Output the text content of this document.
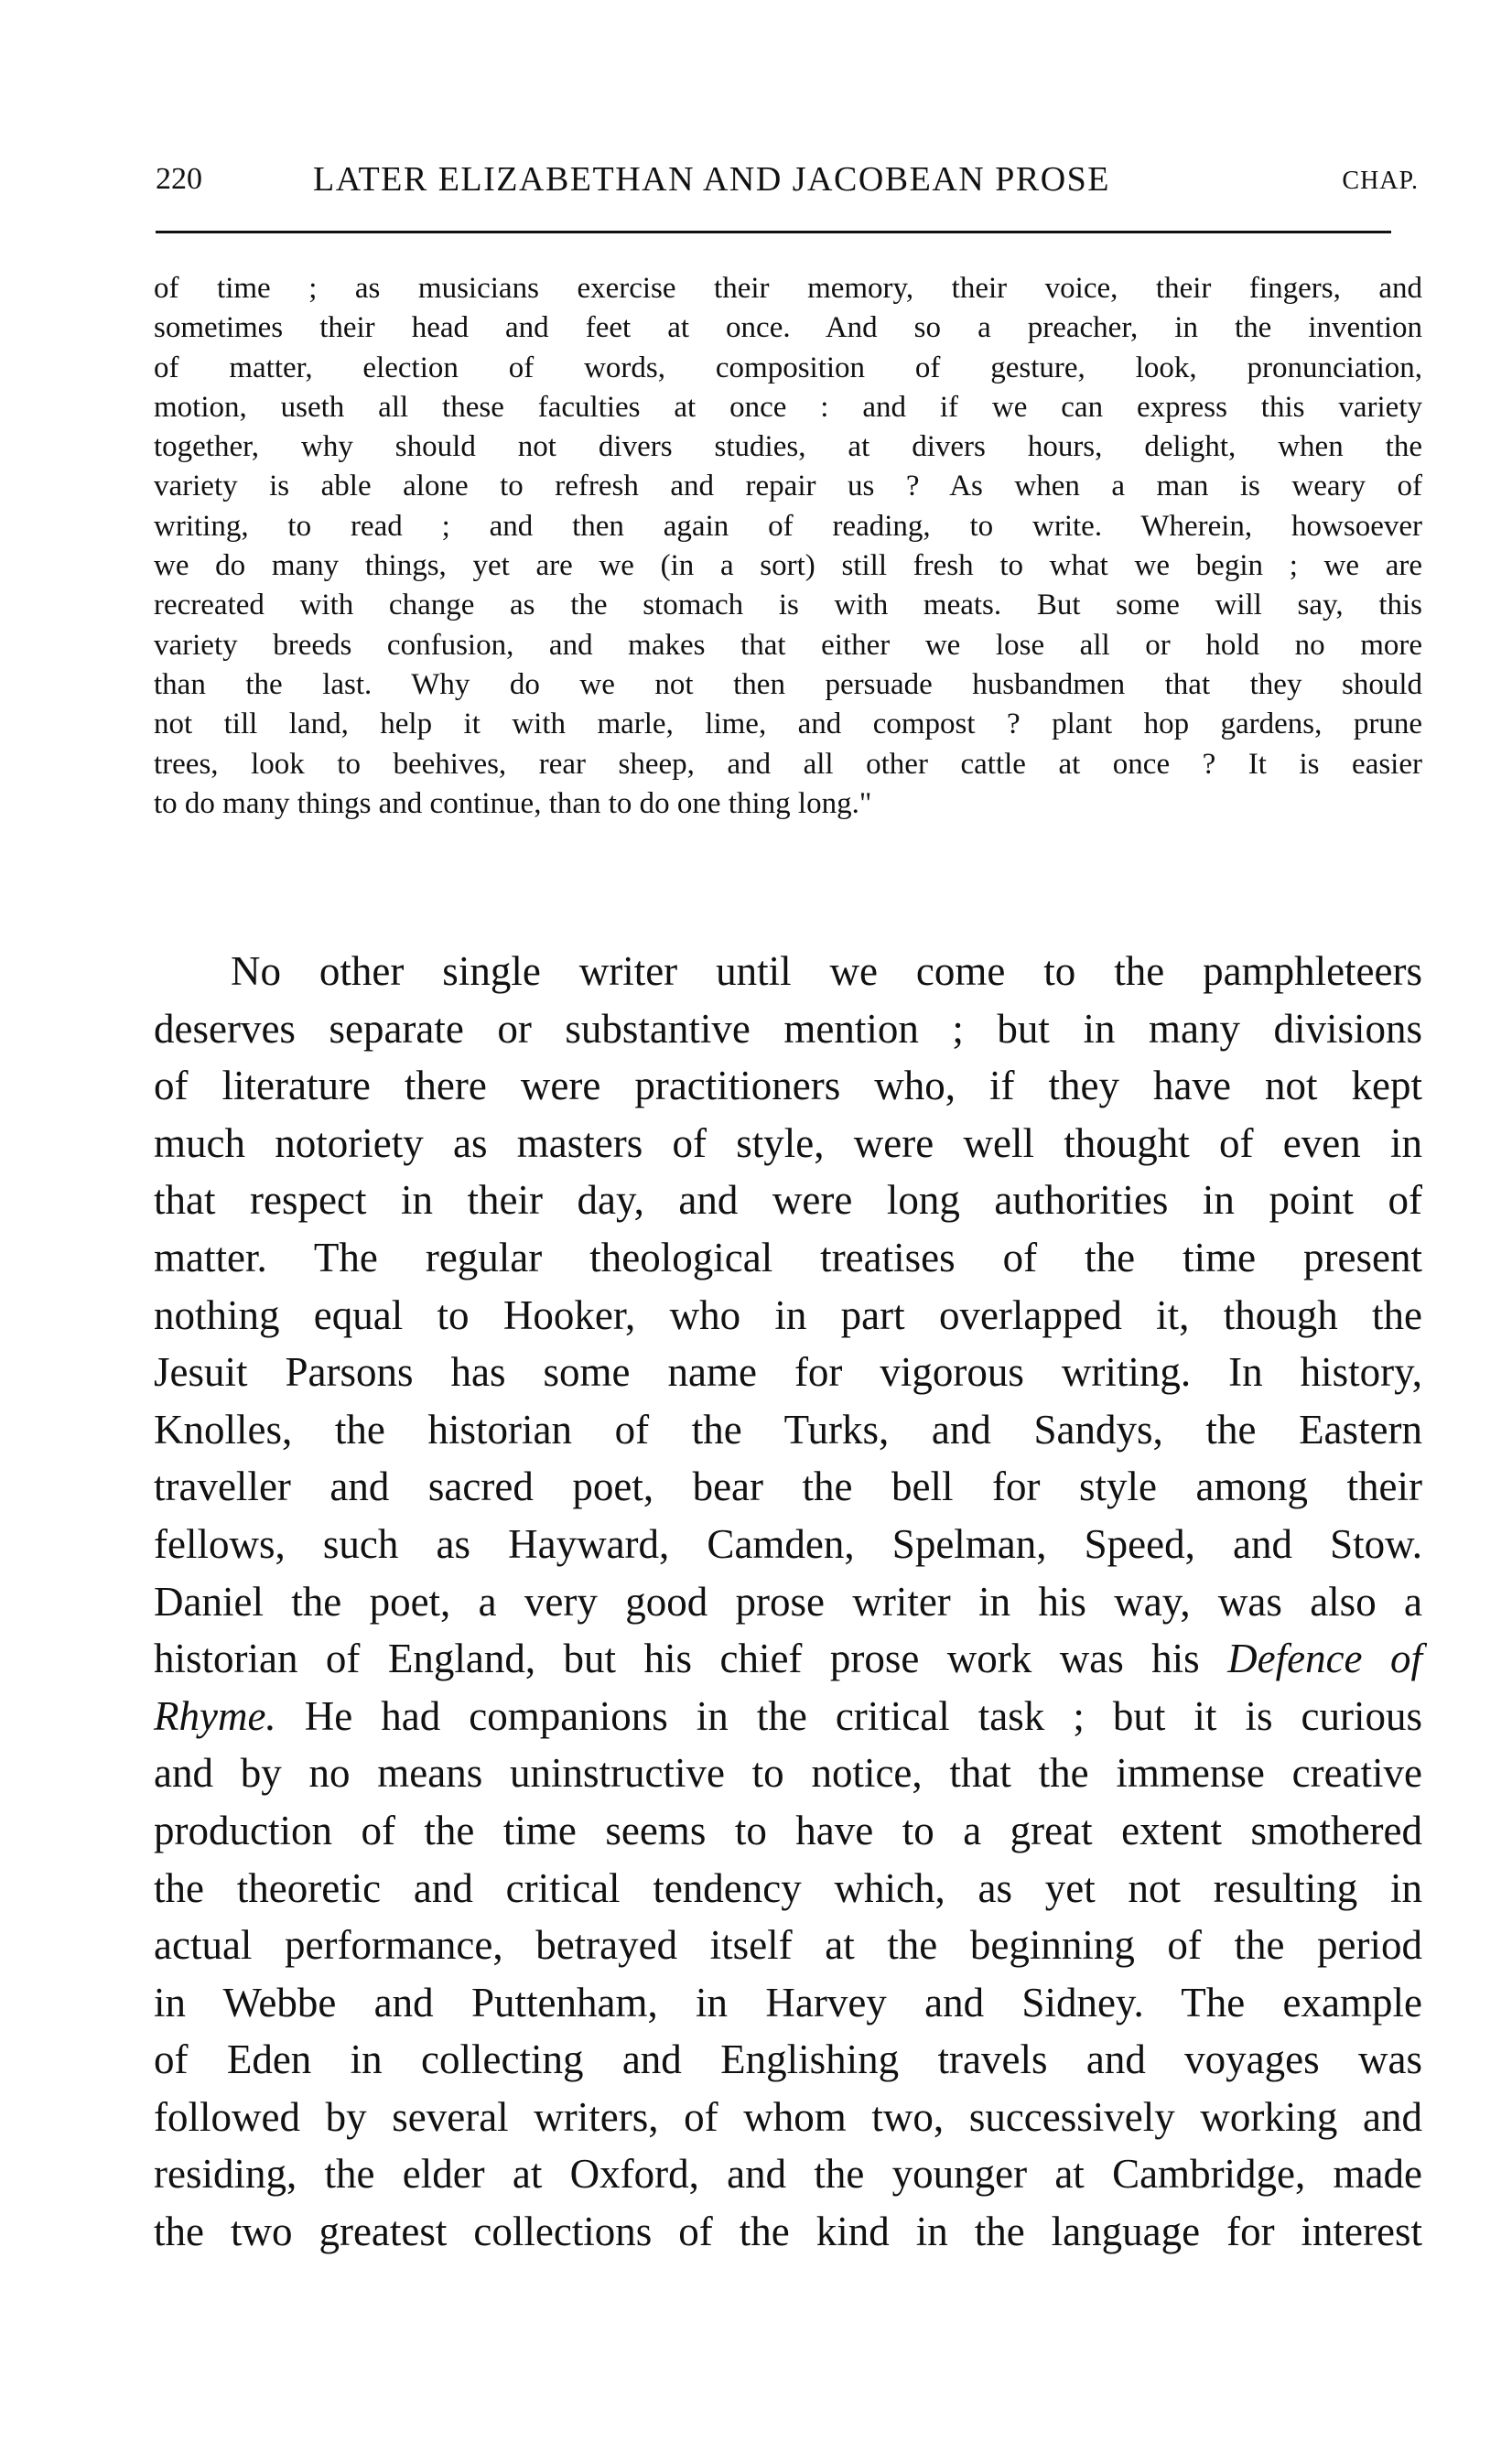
220	LATER ELIZABETHAN AND JACOBEAN PROSE	CHAP.
of time ; as musicians exercise their memory, their voice, their fingers, and
sometimes their head and feet at once. And so a preacher, in the invention
of matter, election of words, composition of gesture, look, pronunciation,
motion, useth all these faculties at once : and if we can express this variety
together, why should not divers studies, at divers hours, delight, when the
variety is able alone to refresh and repair us ? As when a man is weary of
writing, to read ; and then again of reading, to write. Wherein, howsoever
we do many things, yet are we (in a sort) still fresh to what we begin ; we are
recreated with change as the stomach is with meats. But some will say, this
variety breeds confusion, and makes that either we lose all or hold no more
than the last. Why do we not then persuade husbandmen that they should
not till land, help it with marle, lime, and compost ? plant hop gardens, prune
trees, look to beehives, rear sheep, and all other cattle at once ? It is easier
to do many things and continue, than to do one thing long."
No other single writer until we come to the pamphleteers
deserves separate or substantive mention ; but in many divisions
of literature there were practitioners who, if they have not kept
much notoriety as masters of style, were well thought of even in
that respect in their day, and were long authorities in point of
matter. The regular theological treatises of the time present
nothing equal to Hooker, who in part overlapped it, though the
Jesuit Parsons has some name for vigorous writing. In history,
Knolles, the historian of the Turks, and Sandys, the Eastern
traveller and sacred poet, bear the bell for style among their
fellows, such as Hayward, Camden, Spelman, Speed, and Stow.
Daniel the poet, a very good prose writer in his way, was also a
historian of England, but his chief prose work was his Defence of
Rhyme. He had companions in the critical task ; but it is curious
and by no means uninstructive to notice, that the immense creative
production of the time seems to have to a great extent smothered
the theoretic and critical tendency which, as yet not resulting in
actual performance, betrayed itself at the beginning of the period
in Webbe and Puttenham, in Harvey and Sidney. The example
of Eden in collecting and Englishing travels and voyages was
followed by several writers, of whom two, successively working and
residing, the elder at Oxford, and the younger at Cambridge, made
the two greatest collections of the kind in the language for interest
